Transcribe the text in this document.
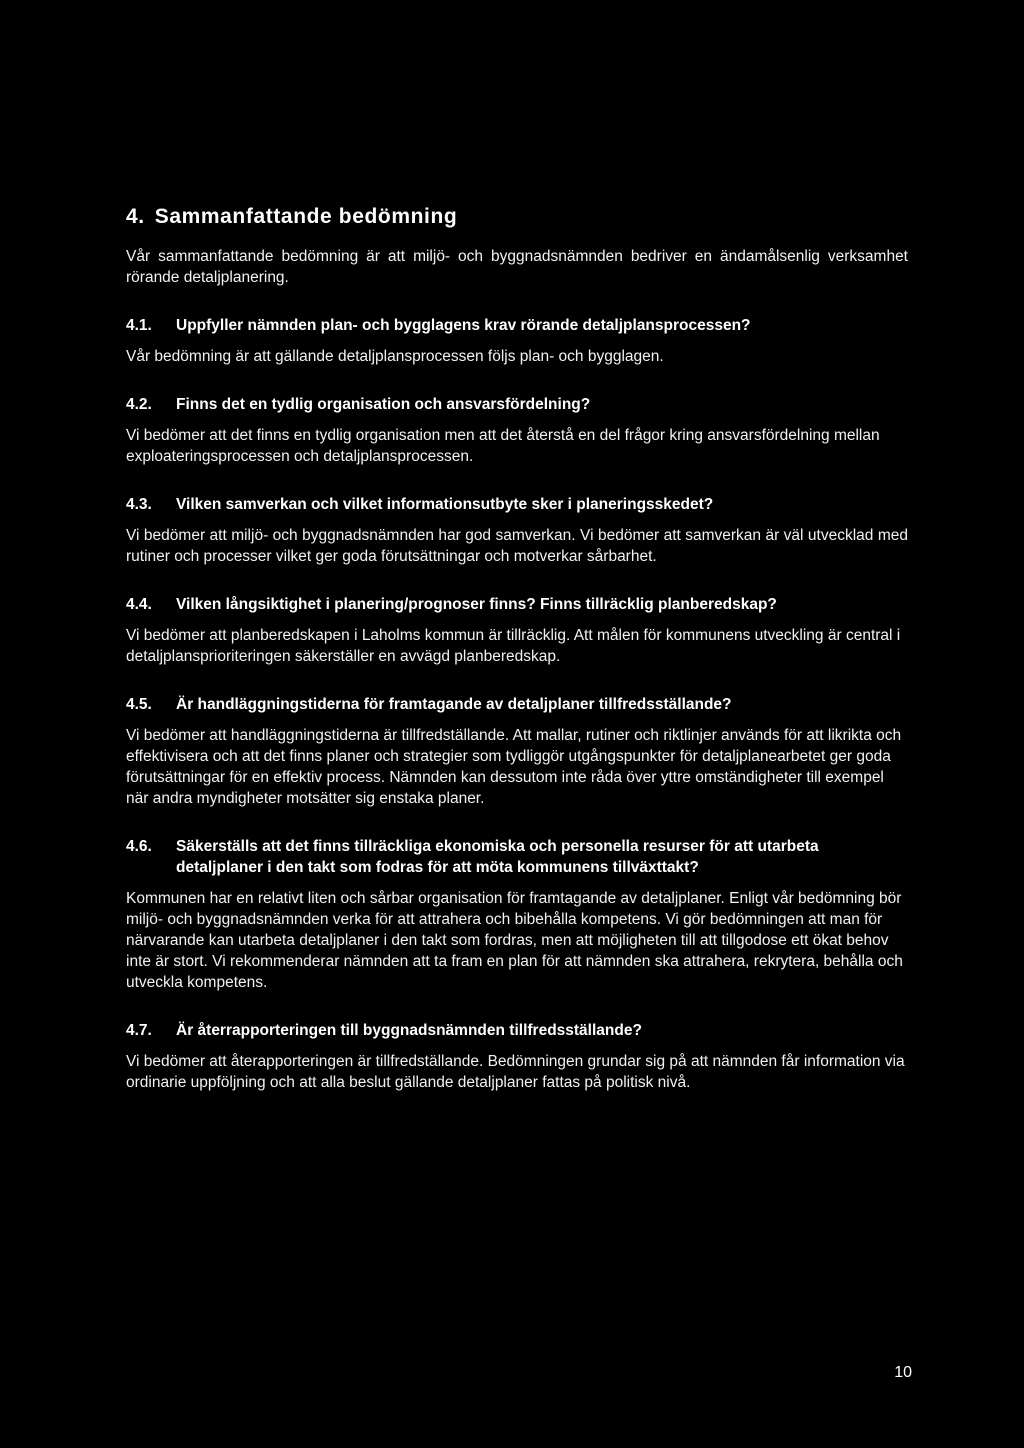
4. Sammanfattande bedömning

Vår sammanfattande bedömning är att miljö- och byggnadsnämnden bedriver en ändamålsenlig verksamhet rörande detaljplanering.

4.1.	Uppfyller nämnden plan- och bygglagens krav rörande detaljplansprocessen?

Vår bedömning är att gällande detaljplansprocessen följs plan- och bygglagen.

4.2.	Finns det en tydlig organisation och ansvarsfördelning?

Vi bedömer att det finns en tydlig organisation men att det återstå en del frågor kring ansvarsfördelning mellan exploateringsprocessen och detaljplansprocessen.

4.3.	Vilken samverkan och vilket informationsutbyte sker i planeringsskedet?

Vi bedömer att miljö- och byggnadsnämnden har god samverkan. Vi bedömer att samverkan är väl utvecklad med rutiner och processer vilket ger goda förutsättningar och motverkar sårbarhet.

4.4.	Vilken långsiktighet i planering/prognoser finns? Finns tillräcklig planberedskap?

Vi bedömer att planberedskapen i Laholms kommun är tillräcklig. Att målen för kommunens utveckling är central i detaljplansprioriteringen säkerställer en avvägd planberedskap.

4.5.	Är handläggningstiderna för framtagande av detaljplaner tillfredsställande?

Vi bedömer att handläggningstiderna är tillfredställande. Att mallar, rutiner och riktlinjer används för att likrikta och effektivisera och att det finns planer och strategier som tydliggör utgångspunkter för detaljplanearbetet ger goda förutsättningar för en effektiv process. Nämnden kan dessutom inte råda över yttre omständigheter till exempel när andra myndigheter motsätter sig enstaka planer.

4.6.	Säkerställs att det finns tillräckliga ekonomiska och personella resurser för att utarbeta detaljplaner i den takt som fodras för att möta kommunens tillväxttakt?

Kommunen har en relativt liten och sårbar organisation för framtagande av detaljplaner. Enligt vår bedömning bör miljö- och byggnadsnämnden verka för att attrahera och bibehålla kompetens. Vi gör bedömningen att man för närvarande kan utarbeta detaljplaner i den takt som fordras, men att möjligheten till att tillgodose ett ökat behov inte är stort. Vi rekommenderar nämnden att ta fram en plan för att nämnden ska attrahera, rekrytera, behålla och utveckla kompetens.

4.7.	Är återrapporteringen till byggnadsnämnden tillfredsställande?

Vi bedömer att återapporteringen är tillfredställande. Bedömningen grundar sig på att nämnden får information via ordinarie uppföljning och att alla beslut gällande detaljplaner fattas på politisk nivå.

10
